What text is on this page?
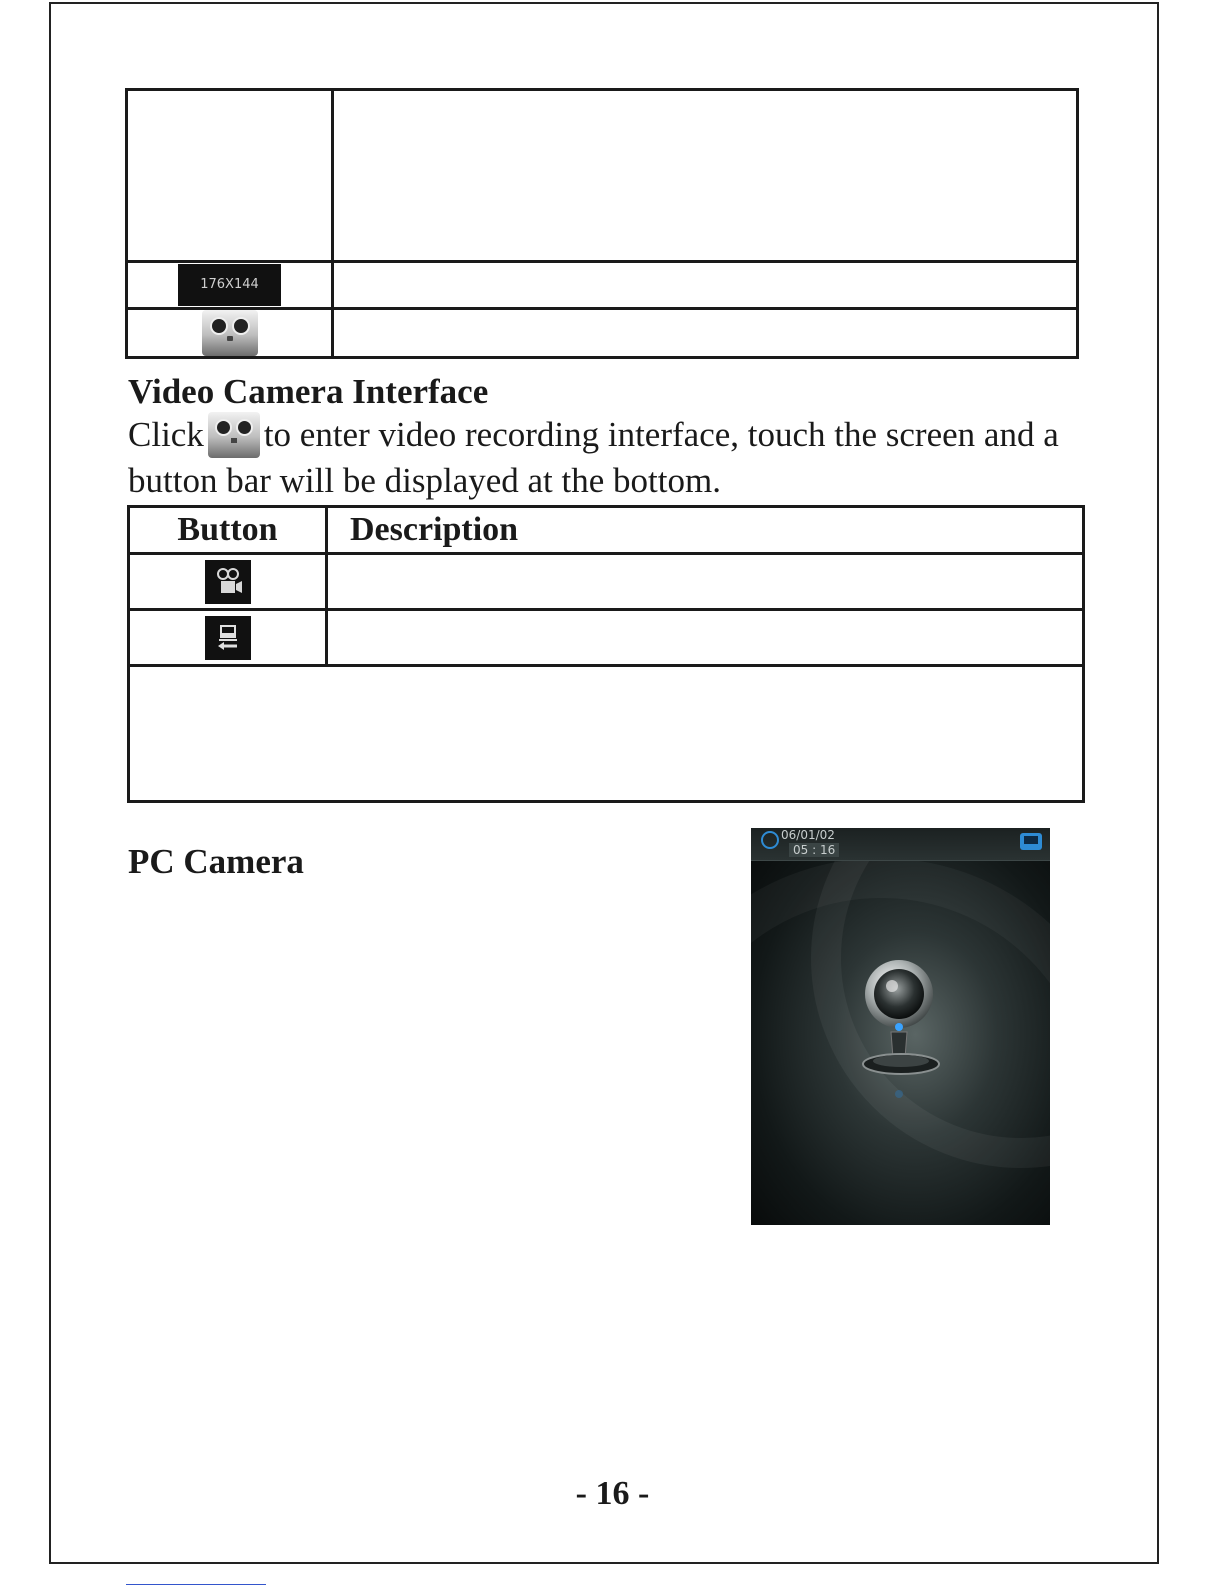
176X144	

Video Camera Interface

Click to enter video recording interface, touch the screen and a button bar will be displayed at the bottom.

Button	Description

PC Camera
06/01/02
05 : 16

- 16 -
